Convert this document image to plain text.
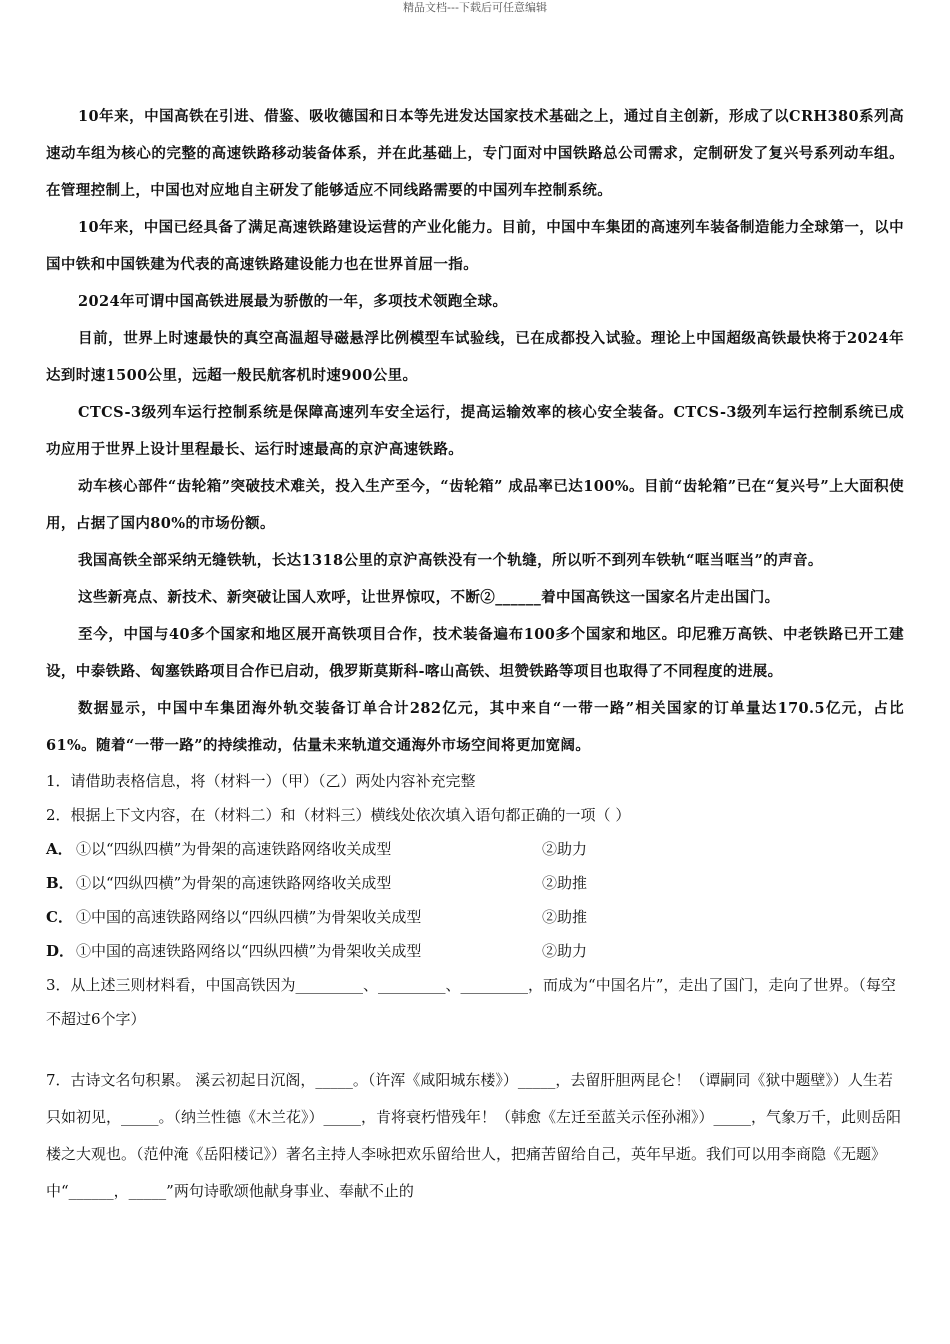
精品文档---下载后可任意编辑

10年来，中国高铁在引进、借鉴、吸收德国和日本等先进发达国家技术基础之上，通过自主创新，形成了以CRH380系列高速动车组为核心的完整的高速铁路移动装备体系，并在此基础上，专门面对中国铁路总公司需求，定制研发了复兴号系列动车组。在管理控制上，中国也对应地自主研发了能够适应不同线路需要的中国列车控制系统。

10年来，中国已经具备了满足高速铁路建设运营的产业化能力。目前，中国中车集团的高速列车装备制造能力全球第一，以中国中铁和中国铁建为代表的高速铁路建设能力也在世界首屈一指。

2024年可谓中国高铁进展最为骄傲的一年，多项技术领跑全球。

目前，世界上时速最快的真空高温超导磁悬浮比例模型车试验线，已在成都投入试验。理论上中国超级高铁最快将于2024年达到时速1500公里，远超一般民航客机时速900公里。

CTCS-3级列车运行控制系统是保障高速列车安全运行，提高运输效率的核心安全装备。CTCS-3级列车运行控制系统已成功应用于世界上设计里程最长、运行时速最高的京沪高速铁路。

动车核心部件“齿轮箱”突破技术难关，投入生产至今，“齿轮箱” 成品率已达100%。目前“齿轮箱”已在“复兴号”上大面积使用，占据了国内80%的市场份额。

我国高铁全部采纳无缝铁轨，长达1318公里的京沪高铁没有一个轨缝，所以听不到列车铁轨“哐当哐当”的声音。

这些新亮点、新技术、新突破让国人欢呼，让世界惊叹，不断②______着中国高铁这一国家名片走出国门。

至今，中国与40多个国家和地区展开高铁项目合作，技术装备遍布100多个国家和地区。印尼雅万高铁、中老铁路已开工建设，中泰铁路、匈塞铁路项目合作已启动，俄罗斯莫斯科-喀山高铁、坦赞铁路等项目也取得了不同程度的进展。

数据显示，中国中车集团海外轨交装备订单合计282亿元，其中来自“一带一路”相关国家的订单量达170.5亿元，占比61%。随着“一带一路”的持续推动，估量未来轨道交通海外市场空间将更加宽阔。

1．请借助表格信息，将（材料一）（甲）（乙）两处内容补充完整

2．根据上下文内容，在（材料二）和（材料三）横线处依次填入语句都正确的一项（ ）

A． ①以“四纵四横”为骨架的高速铁路网络收关成型	②助力
B． ①以“四纵四横”为骨架的高速铁路网络收关成型	②助推
C． ①中国的高速铁路网络以“四纵四横”为骨架收关成型	②助推
D． ①中国的高速铁路网络以“四纵四横”为骨架收关成型	②助力

3．从上述三则材料看，中国高铁因为_________、_________、_________，而成为“中国名片”，走出了国门，走向了世界。（每空不超过6个字）

7．古诗文名句积累。 溪云初起日沉阁，_____。（许浑《咸阳城东楼》）_____，去留肝胆两昆仑！（谭嗣同《狱中题壁》）人生若只如初见，_____。（纳兰性德《木兰花》）_____，肯将衰朽惜残年！（韩愈《左迁至蓝关示侄孙湘》）_____，气象万千，此则岳阳楼之大观也。（范仲淹《岳阳楼记》）著名主持人李咏把欢乐留给世人，把痛苦留给自己，英年早逝。我们可以用李商隐《无题》中“______，_____”两句诗歌颂他献身事业、奉献不止的
